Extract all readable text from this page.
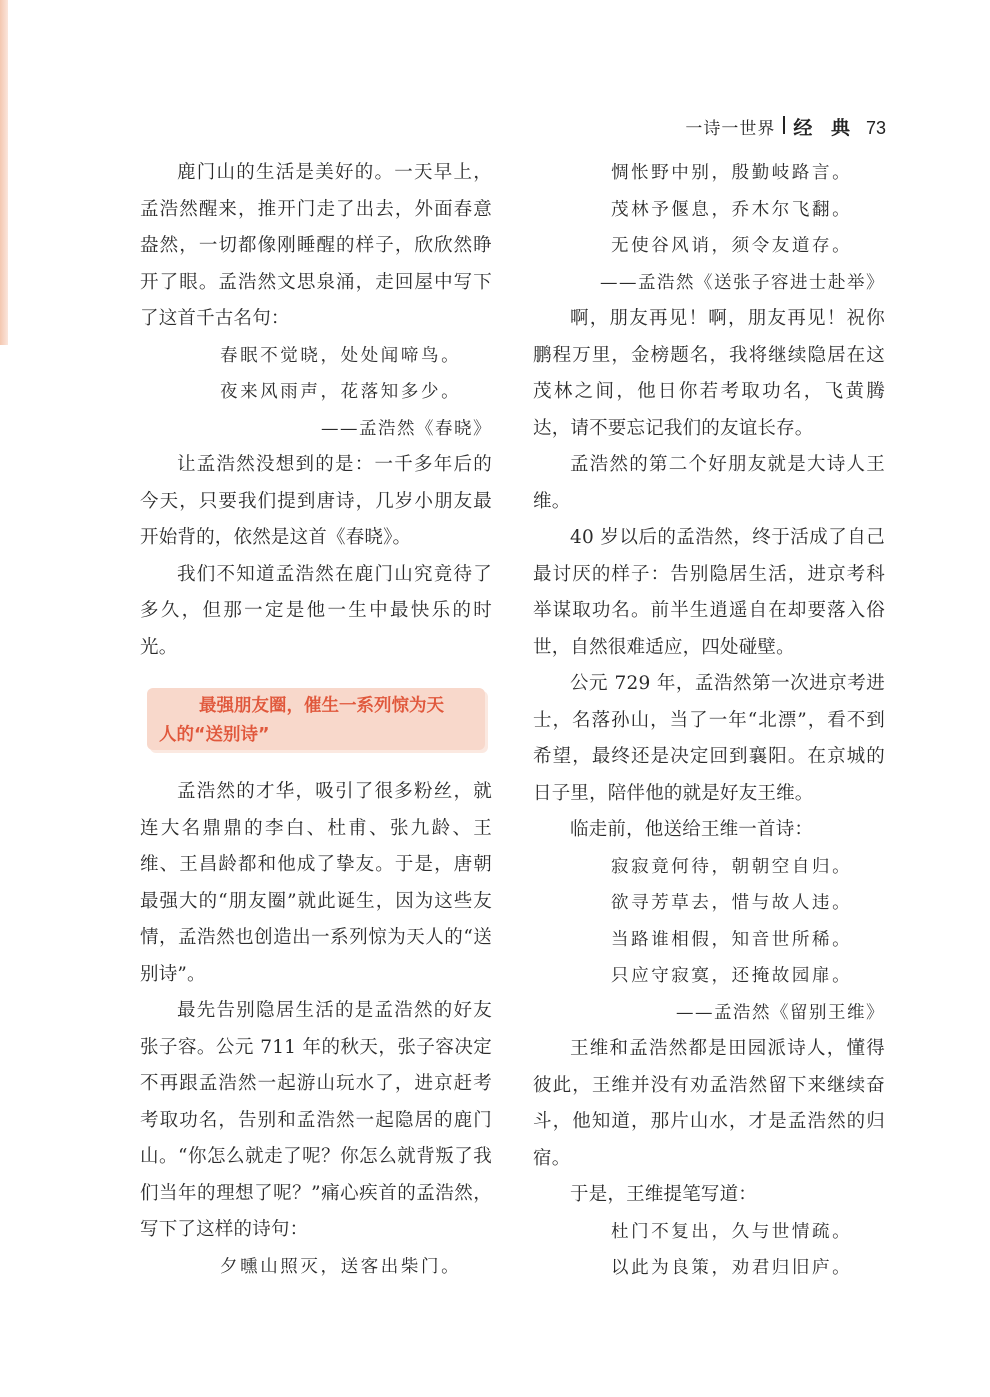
一诗一世界 经 典 73

鹿门山的生活是美好的。一天早上，孟浩然醒来，推开门走了出去，外面春意盎然，一切都像刚睡醒的样子，欣欣然睁开了眼。孟浩然文思泉涌，走回屋中写下了这首千古名句：

春眠不觉晓，处处闻啼鸟。

夜来风雨声，花落知多少。

——孟浩然《春晓》

让孟浩然没想到的是：一千多年后的今天，只要我们提到唐诗，几岁小朋友最开始背的，依然是这首《春晓》。

我们不知道孟浩然在鹿门山究竟待了多久，但那一定是他一生中最快乐的时光。

最强朋友圈，催生一系列惊为天
人的“送别诗”

孟浩然的才华，吸引了很多粉丝，就连大名鼎鼎的李白、杜甫、张九龄、王维、王昌龄都和他成了挚友。于是，唐朝最强大的“朋友圈”就此诞生，因为这些友情，孟浩然也创造出一系列惊为天人的“送别诗”。

最先告别隐居生活的是孟浩然的好友张子容。公元 711 年的秋天，张子容决定不再跟孟浩然一起游山玩水了，进京赶考考取功名，告别和孟浩然一起隐居的鹿门山。“你怎么就走了呢？你怎么就背叛了我们当年的理想了呢？”痛心疾首的孟浩然，写下了这样的诗句：

夕曛山照灭，送客出柴门。

惆怅野中别，殷勤岐路言。

茂林予偃息，乔木尔飞翻。

无使谷风诮，须令友道存。

——孟浩然《送张子容进士赴举》

啊，朋友再见！啊，朋友再见！祝你鹏程万里，金榜题名，我将继续隐居在这茂林之间，他日你若考取功名，飞黄腾达，请不要忘记我们的友谊长存。

孟浩然的第二个好朋友就是大诗人王维。

40 岁以后的孟浩然，终于活成了自己最讨厌的样子：告别隐居生活，进京考科举谋取功名。前半生逍遥自在却要落入俗世，自然很难适应，四处碰壁。

公元 729 年，孟浩然第一次进京考进士，名落孙山，当了一年“北漂”，看不到希望，最终还是决定回到襄阳。在京城的日子里，陪伴他的就是好友王维。

临走前，他送给王维一首诗：

寂寂竟何待，朝朝空自归。

欲寻芳草去，惜与故人违。

当路谁相假，知音世所稀。

只应守寂寞，还掩故园扉。

——孟浩然《留别王维》

王维和孟浩然都是田园派诗人，懂得彼此，王维并没有劝孟浩然留下来继续奋斗，他知道，那片山水，才是孟浩然的归宿。

于是，王维提笔写道：

杜门不复出，久与世情疏。

以此为良策，劝君归旧庐。
